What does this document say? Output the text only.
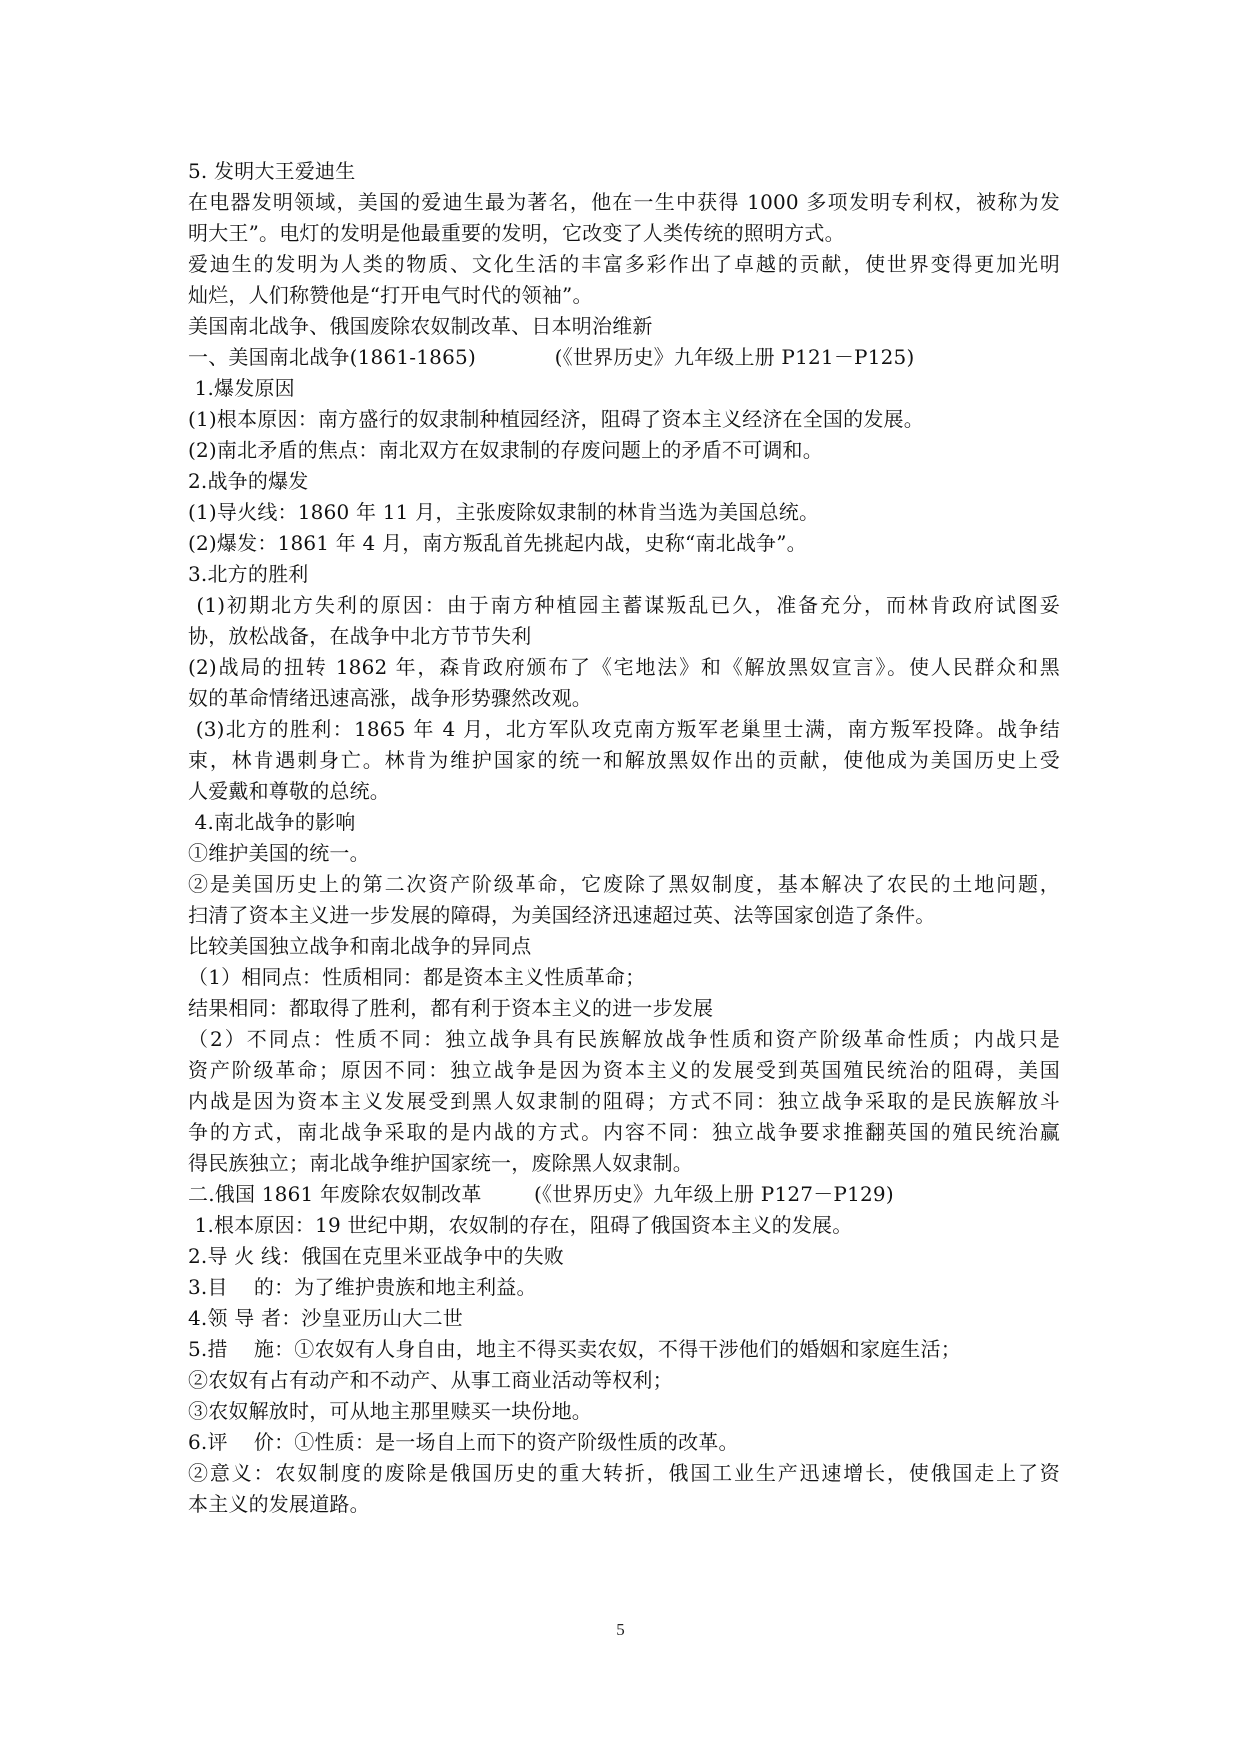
5. 发明大王爱迪生
在电器发明领域，美国的爱迪生最为著名，他在一生中获得 1000 多项发明专利权，被称为发
明大王”。电灯的发明是他最重要的发明，它改变了人类传统的照明方式。
爱迪生的发明为人类的物质、文化生活的丰富多彩作出了卓越的贡献，使世界变得更加光明
灿烂，人们称赞他是“打开电气时代的领袖”。
美国南北战争、俄国废除农奴制改革、日本明治维新
一、美国南北战争(1861-1865)            (《世界历史》九年级上册 P121－P125)
1.爆发原因
(1)根本原因：南方盛行的奴隶制种植园经济，阻碍了资本主义经济在全国的发展。
(2)南北矛盾的焦点：南北双方在奴隶制的存废问题上的矛盾不可调和。
2.战争的爆发
(1)导火线：1860 年 11 月，主张废除奴隶制的林肯当选为美国总统。
(2)爆发：1861 年 4 月，南方叛乱首先挑起内战，史称“南北战争”。
3.北方的胜利
(1)初期北方失利的原因：由于南方种植园主蓄谋叛乱已久，准备充分，而林肯政府试图妥
协，放松战备，在战争中北方节节失利
(2)战局的扭转 1862 年，森肯政府颁布了《宅地法》和《解放黑奴宣言》。使人民群众和黑
奴的革命情绪迅速高涨，战争形势骤然改观。
(3)北方的胜利：1865 年 4 月，北方军队攻克南方叛军老巢里士满，南方叛军投降。战争结
束，林肯遇刺身亡。林肯为维护国家的统一和解放黑奴作出的贡献，使他成为美国历史上受
人爱戴和尊敬的总统。
4.南北战争的影响
①维护美国的统一。
②是美国历史上的第二次资产阶级革命，它废除了黑奴制度，基本解决了农民的土地问题，
扫清了资本主义进一步发展的障碍，为美国经济迅速超过英、法等国家创造了条件。
比较美国独立战争和南北战争的异同点
（1）相同点：性质相同：都是资本主义性质革命；
结果相同：都取得了胜利，都有利于资本主义的进一步发展
（2）不同点：性质不同：独立战争具有民族解放战争性质和资产阶级革命性质；内战只是
资产阶级革命；原因不同：独立战争是因为资本主义的发展受到英国殖民统治的阻碍，美国
内战是因为资本主义发展受到黑人奴隶制的阻碍；方式不同：独立战争采取的是民族解放斗
争的方式，南北战争采取的是内战的方式。内容不同：独立战争要求推翻英国的殖民统治赢
得民族独立；南北战争维护国家统一，废除黑人奴隶制。
二.俄国 1861 年废除农奴制改革        (《世界历史》九年级上册 P127－P129)
1.根本原因：19 世纪中期，农奴制的存在，阻碍了俄国资本主义的发展。
2.导 火 线：俄国在克里米亚战争中的失败
3.目    的：为了维护贵族和地主利益。
4.领 导 者：沙皇亚历山大二世
5.措    施：①农奴有人身自由，地主不得买卖农奴，不得干涉他们的婚姻和家庭生活；
②农奴有占有动产和不动产、从事工商业活动等权利；
③农奴解放时，可从地主那里赎买一块份地。
6.评    价：①性质：是一场自上而下的资产阶级性质的改革。
②意义：农奴制度的废除是俄国历史的重大转折，俄国工业生产迅速增长，使俄国走上了资
本主义的发展道路。
5
